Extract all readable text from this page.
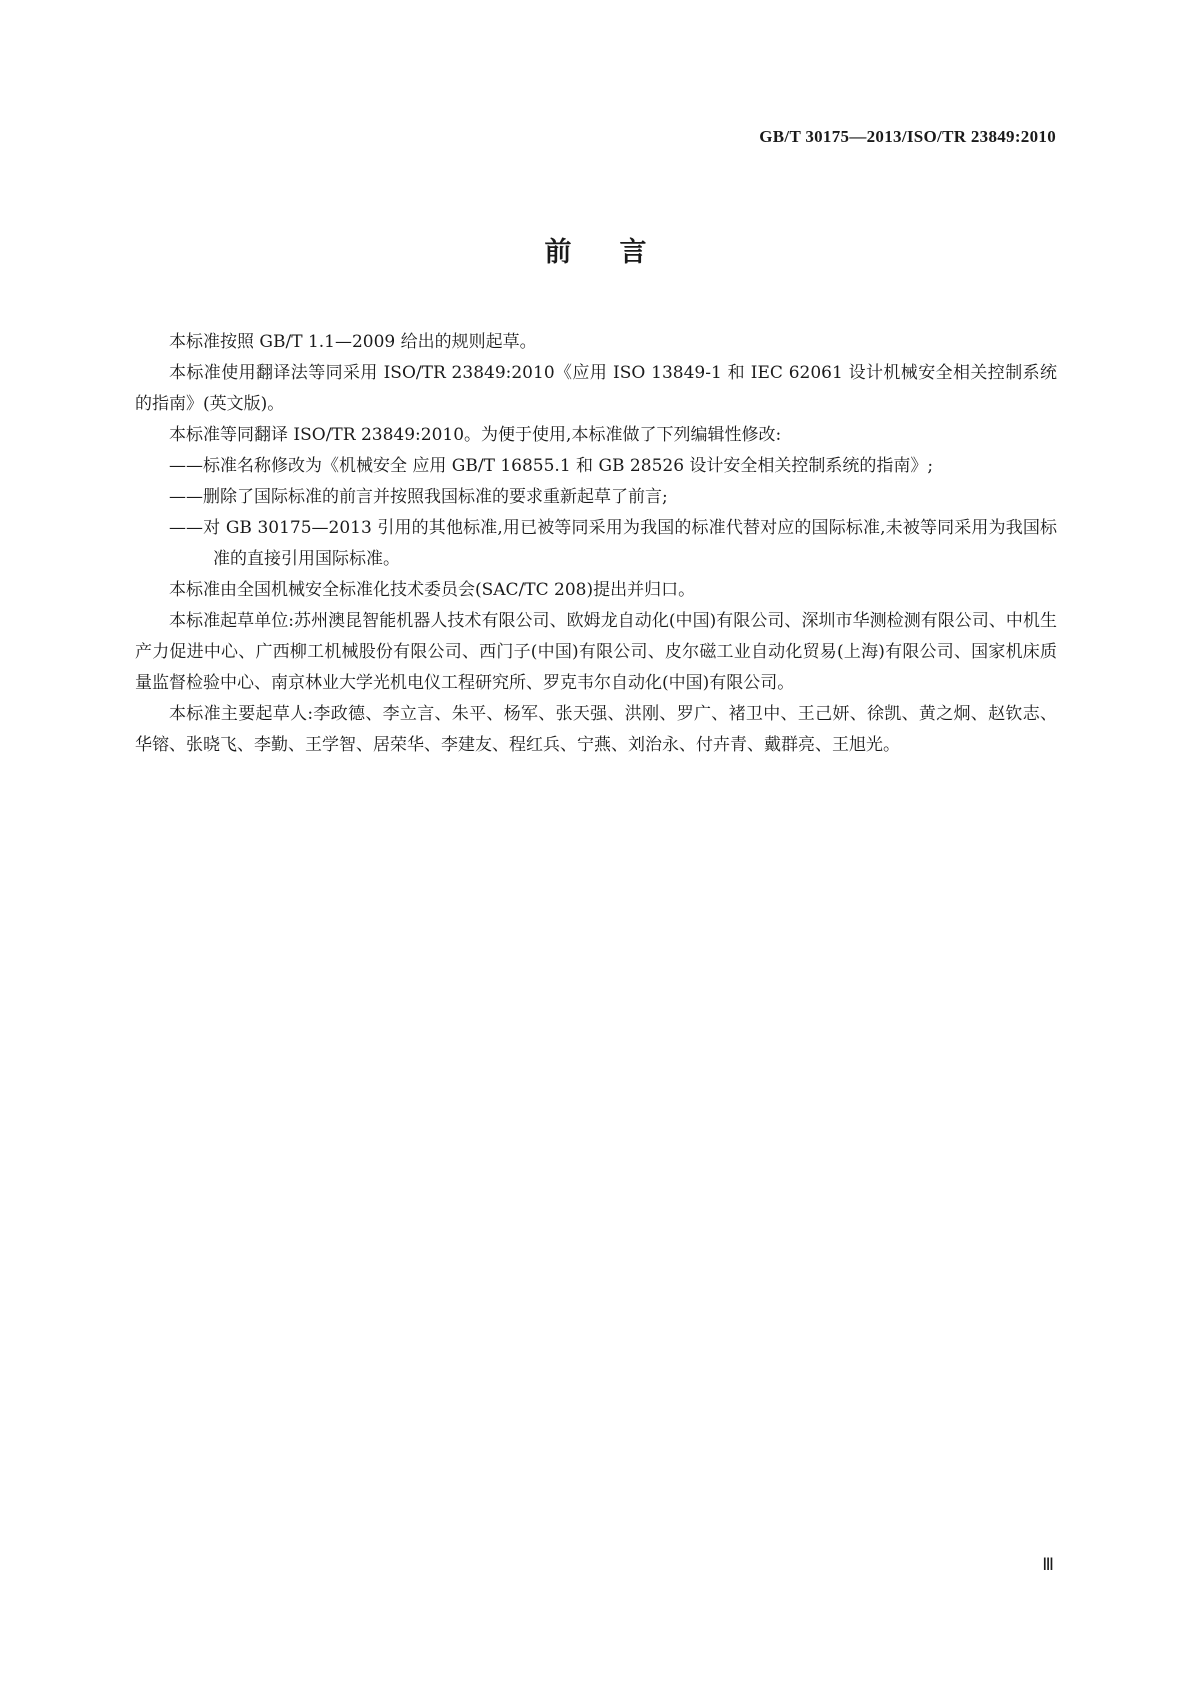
GB/T 30175—2013/ISO/TR 23849:2010
前言

本标准按照 GB/T 1.1—2009 给出的规则起草。

本标准使用翻译法等同采用 ISO/TR 23849:2010《应用 ISO 13849-1 和 IEC 62061 设计机械安全相关控制系统的指南》(英文版)。

本标准等同翻译 ISO/TR 23849:2010。为便于使用,本标准做了下列编辑性修改:

——标准名称修改为《机械安全 应用 GB/T 16855.1 和 GB 28526 设计安全相关控制系统的指南》;

——删除了国际标准的前言并按照我国标准的要求重新起草了前言;

——对 GB 30175—2013 引用的其他标准,用已被等同采用为我国的标准代替对应的国际标准,未被等同采用为我国标准的直接引用国际标准。

本标准由全国机械安全标准化技术委员会(SAC/TC 208)提出并归口。

本标准起草单位:苏州澳昆智能机器人技术有限公司、欧姆龙自动化(中国)有限公司、深圳市华测检测有限公司、中机生产力促进中心、广西柳工机械股份有限公司、西门子(中国)有限公司、皮尔磁工业自动化贸易(上海)有限公司、国家机床质量监督检验中心、南京林业大学光机电仪工程研究所、罗克韦尔自动化(中国)有限公司。

本标准主要起草人:李政德、李立言、朱平、杨军、张天强、洪刚、罗广、褚卫中、王己妍、徐凯、黄之炯、赵钦志、华镕、张晓飞、李勤、王学智、居荣华、李建友、程红兵、宁燕、刘治永、付卉青、戴群亮、王旭光。

Ⅲ
